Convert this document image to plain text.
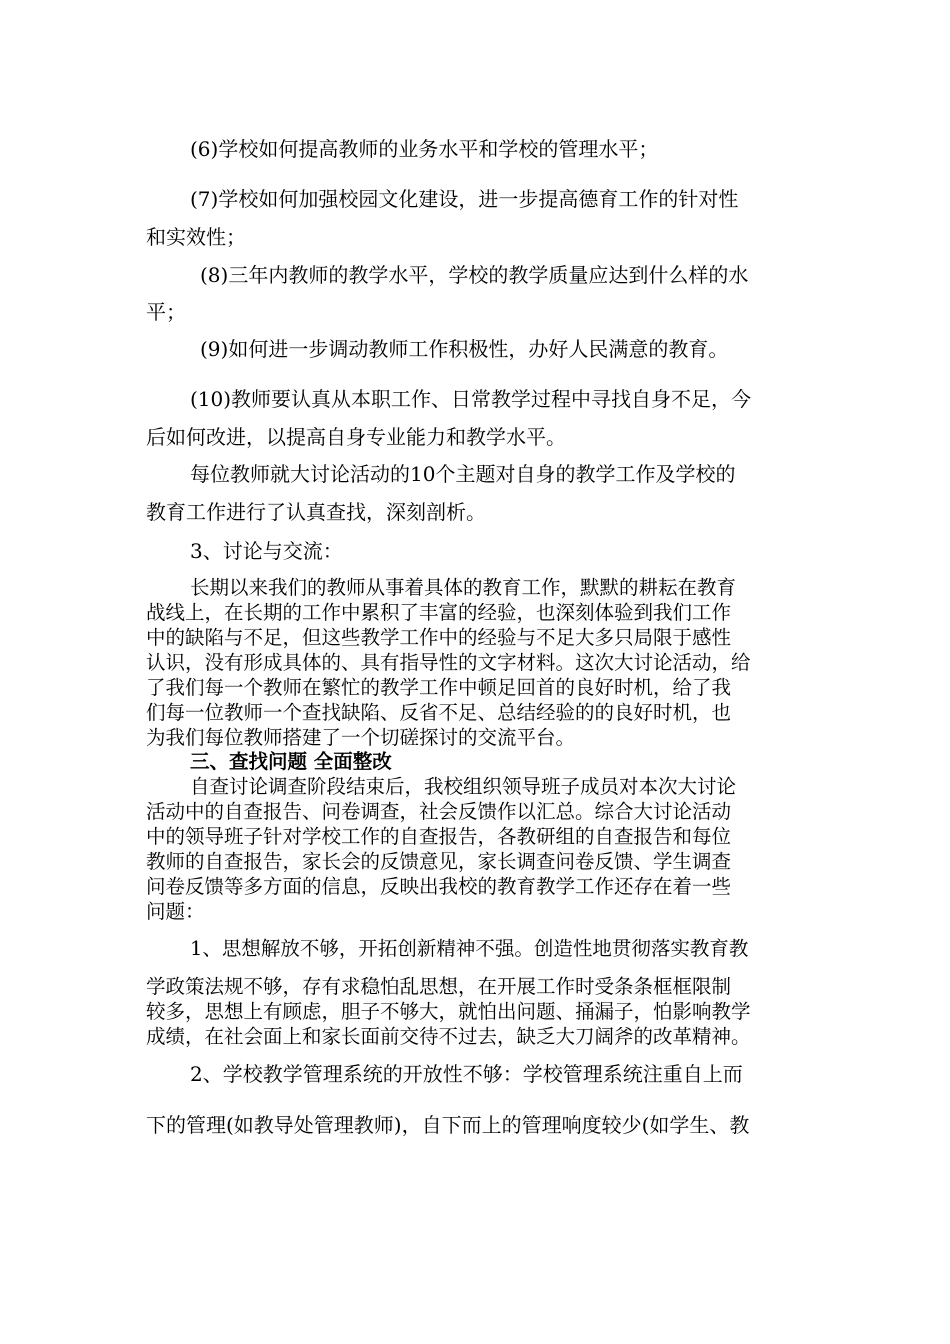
(6)学校如何提高教师的业务水平和学校的管理水平；

(7)学校如何加强校园文化建设，进一步提高德育工作的针对性

和实效性；

(8)三年内教师的教学水平，学校的教学质量应达到什么样的水

平；

(9)如何进一步调动教师工作积极性，办好人民满意的教育。

(10)教师要认真从本职工作、日常教学过程中寻找自身不足，今

后如何改进，以提高自身专业能力和教学水平。

每位教师就大讨论活动的10个主题对自身的教学工作及学校的

教育工作进行了认真查找，深刻剖析。

3、讨论与交流：

长期以来我们的教师从事着具体的教育工作，默默的耕耘在教育

战线上，在长期的工作中累积了丰富的经验，也深刻体验到我们工作

中的缺陷与不足，但这些教学工作中的经验与不足大多只局限于感性

认识，没有形成具体的、具有指导性的文字材料。这次大讨论活动，给

了我们每一个教师在繁忙的教学工作中顿足回首的良好时机，给了我

们每一位教师一个查找缺陷、反省不足、总结经验的的良好时机，也

为我们每位教师搭建了一个切磋探讨的交流平台。

三、查找问题 全面整改

自查讨论调查阶段结束后，我校组织领导班子成员对本次大讨论

活动中的自查报告、问卷调查，社会反馈作以汇总。综合大讨论活动

中的领导班子针对学校工作的自查报告，各教研组的自查报告和每位

教师的自查报告，家长会的反馈意见，家长调查问卷反馈、学生调查

问卷反馈等多方面的信息，反映出我校的教育教学工作还存在着一些

问题：

1、思想解放不够，开拓创新精神不强。创造性地贯彻落实教育教

学政策法规不够，存有求稳怕乱思想，在开展工作时受条条框框限制

较多，思想上有顾虑，胆子不够大，就怕出问题、捅漏子，怕影响教学

成绩，在社会面上和家长面前交待不过去，缺乏大刀阔斧的改革精神。

2、学校教学管理系统的开放性不够：学校管理系统注重自上而

下的管理(如教导处管理教师)，自下而上的管理响度较少(如学生、教
